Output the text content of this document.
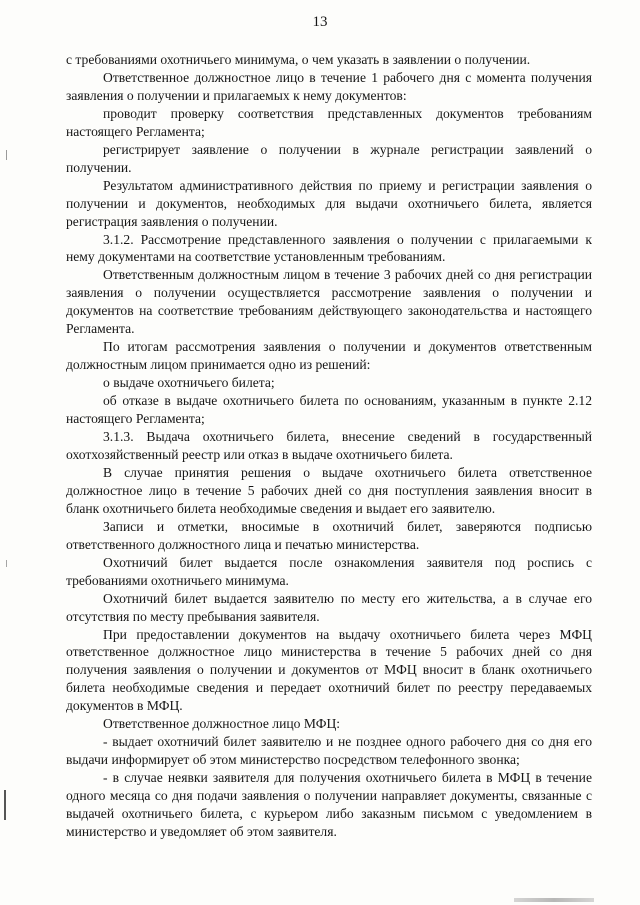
13

с требованиями охотничьего минимума, о чем указать в заявлении о получении.

Ответственное должностное лицо в течение 1 рабочего дня с момента получения заявления о получении и прилагаемых к нему документов:

проводит проверку соответствия представленных документов требованиям настоящего Регламента;

регистрирует заявление о получении в журнале регистрации заявлений о получении.

Результатом административного действия по приему и регистрации заявления о получении и документов, необходимых для выдачи охотничьего билета, является регистрация заявления о получении.

3.1.2. Рассмотрение представленного заявления о получении с прилагаемыми к нему документами на соответствие установленным требованиям.

Ответственным должностным лицом в течение 3 рабочих дней со дня регистрации заявления о получении осуществляется рассмотрение заявления о получении и документов на соответствие требованиям действующего законодательства и настоящего Регламента.

По итогам рассмотрения заявления о получении и документов ответственным должностным лицом принимается одно из решений:

о выдаче охотничьего билета;

об отказе в выдаче охотничьего билета по основаниям, указанным в пункте 2.12 настоящего Регламента;

3.1.3. Выдача охотничьего билета, внесение сведений в государственный охотхозяйственный реестр или отказ в выдаче охотничьего билета.

В случае принятия решения о выдаче охотничьего билета ответственное должностное лицо в течение 5 рабочих дней со дня поступления заявления вносит в бланк охотничьего билета необходимые сведения и выдает его заявителю.

Записи и отметки, вносимые в охотничий билет, заверяются подписью ответственного должностного лица и печатью министерства.

Охотничий билет выдается после ознакомления заявителя под роспись с требованиями охотничьего минимума.

Охотничий билет выдается заявителю по месту его жительства, а в случае его отсутствия по месту пребывания заявителя.

При предоставлении документов на выдачу охотничьего билета через МФЦ ответственное должностное лицо министерства в течение 5 рабочих дней со дня получения заявления о получении и документов от МФЦ вносит в бланк охотничьего билета необходимые сведения и передает охотничий билет по реестру передаваемых документов в МФЦ.

Ответственное должностное лицо МФЦ:

- выдает охотничий билет заявителю и не позднее одного рабочего дня со дня его выдачи информирует об этом министерство посредством телефонного звонка;

- в случае неявки заявителя для получения охотничьего билета в МФЦ в течение одного месяца со дня подачи заявления о получении направляет документы, связанные с выдачей охотничьего билета, с курьером либо заказным письмом с уведомлением в министерство и уведомляет об этом заявителя.
